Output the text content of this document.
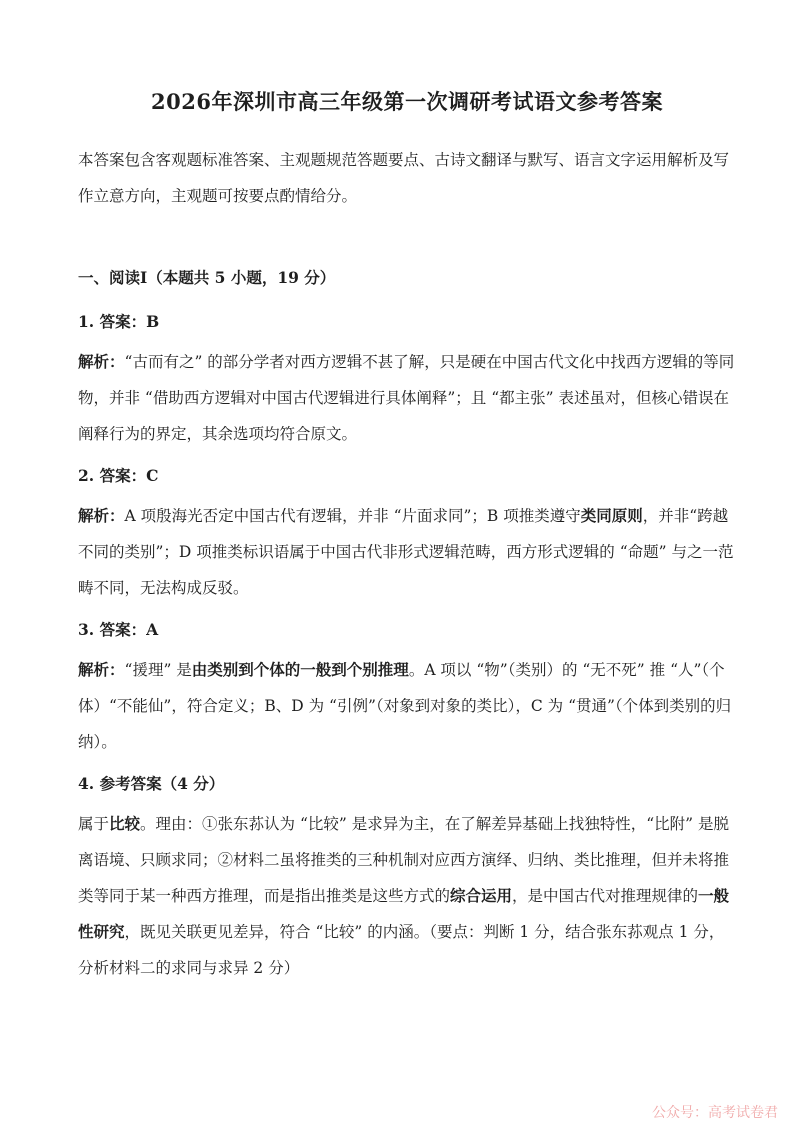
2026年深圳市高三年级第一次调研考试语文参考答案

本答案包含客观题标准答案、主观题规范答题要点、古诗文翻译与默写、语言文字运用解析及写作立意方向，主观题可按要点酌情给分。

一、阅读Ⅰ（本题共 5 小题，19 分）
1. 答案：B

解析：“古而有之” 的部分学者对西方逻辑不甚了解，只是硬在中国古代文化中找西方逻辑的等同物，并非 “借助西方逻辑对中国古代逻辑进行具体阐释”；且 “都主张” 表述虽对，但核心错误在阐释行为的界定，其余选项均符合原文。

2. 答案：C

解析：A 项殷海光否定中国古代有逻辑，并非 “片面求同”；B 项推类遵守类同原则，并非“跨越不同的类别”；D 项推类标识语属于中国古代非形式逻辑范畴，西方形式逻辑的 “命题” 与之一范畴不同，无法构成反驳。

3. 答案：A

解析：“援理” 是由类别到个体的一般到个别推理。A 项以 “物”（类别）的 “无不死” 推 “人”（个体）“不能仙”，符合定义；B、D 为 “引例”（对象到对象的类比），C 为 “贯通”（个体到类别的归纳）。

4. 参考答案（4 分）

属于比较。理由：①张东荪认为 “比较” 是求异为主，在了解差异基础上找独特性，“比附” 是脱离语境、只顾求同；②材料二虽将推类的三种机制对应西方演绎、归纳、类比推理，但并未将推类等同于某一种西方推理，而是指出推类是这些方式的综合运用，是中国古代对推理规律的一般性研究，既见关联更见差异，符合 “比较” 的内涵。（要点：判断 1 分，结合张东荪观点 1 分，分析材料二的求同与求异 2 分）

公众号：高考试卷君
